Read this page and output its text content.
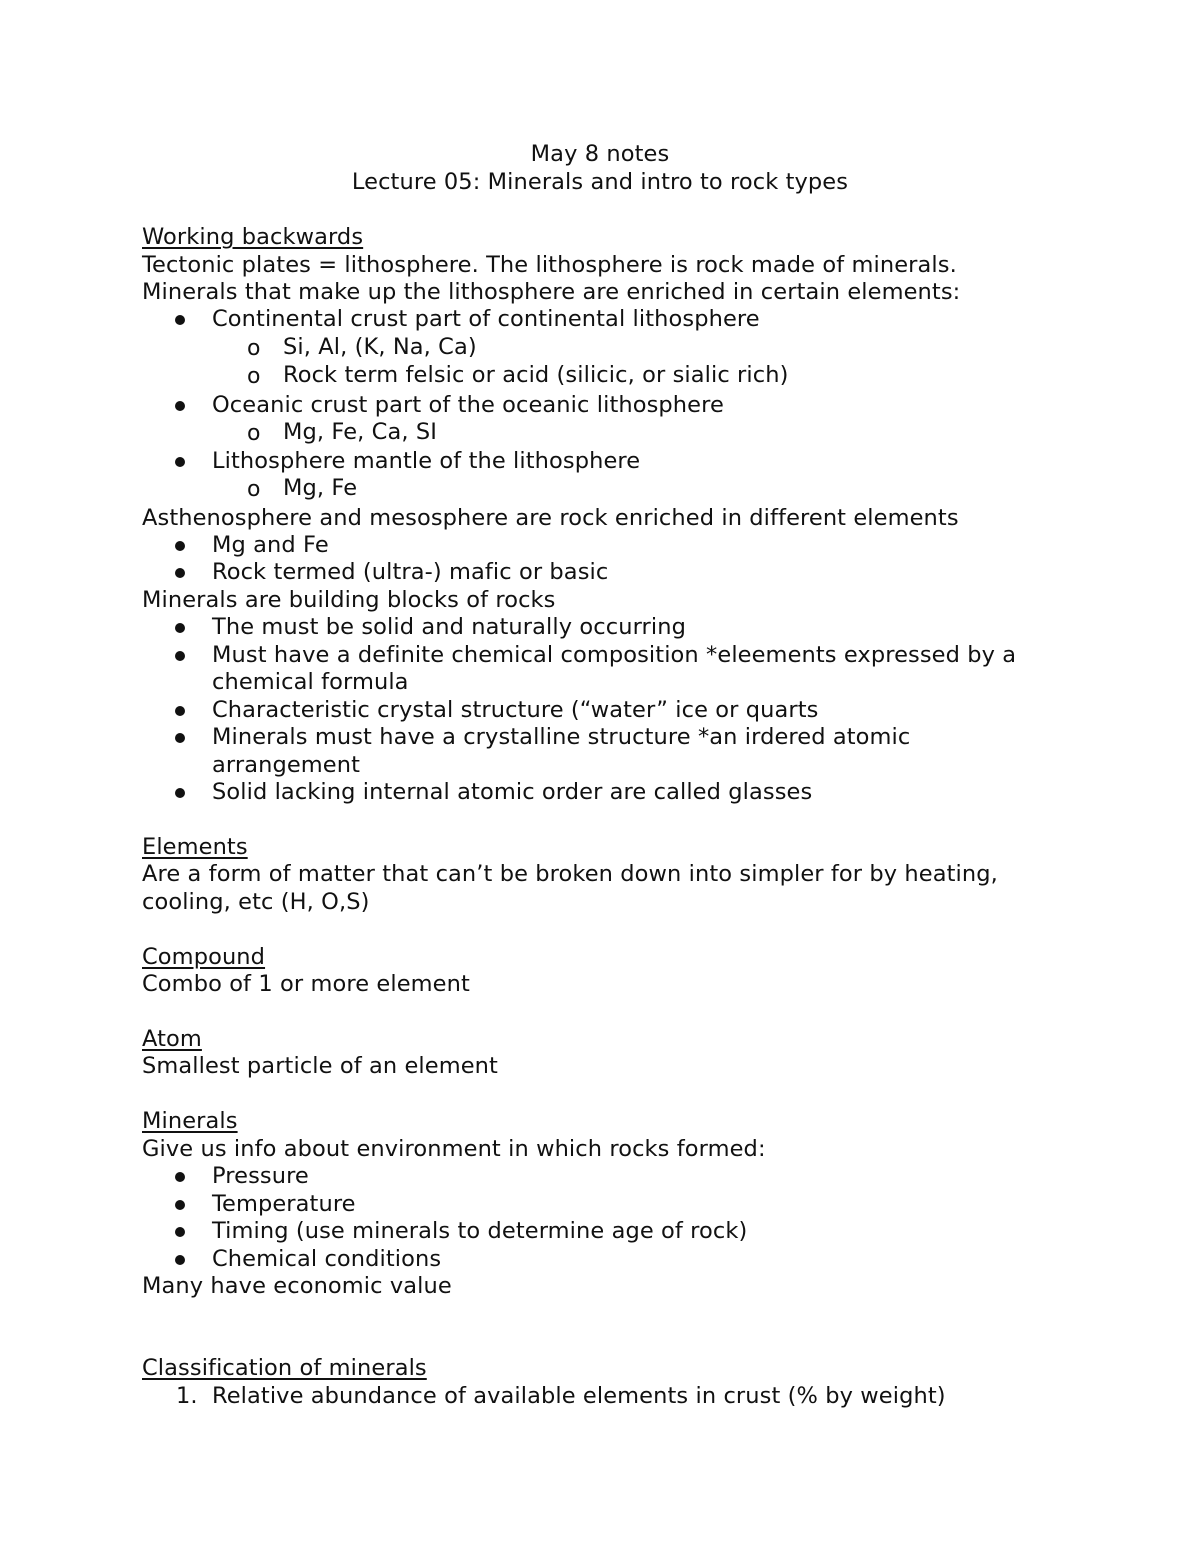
May 8 notes
Lecture 05: Minerals and intro to rock types
Working backwards
Tectonic plates = lithosphere. The lithosphere is rock made of minerals.
Minerals that make up the lithosphere are enriched in certain elements:
Continental crust part of continental lithosphere
o Si, Al, (K, Na, Ca)
o Rock term felsic or acid (silicic, or sialic rich)
Oceanic crust part of the oceanic lithosphere
o Mg, Fe, Ca, SI
Lithosphere mantle of the lithosphere
o Mg, Fe
Asthenosphere and mesosphere are rock enriched in different elements
Mg and Fe
Rock termed (ultra-) mafic or basic
Minerals are building blocks of rocks
The must be solid and naturally occurring
Must have a definite chemical composition *eleements expressed by a
chemical formula
Characteristic crystal structure (“water” ice or quarts
Minerals must have a crystalline structure *an irdered atomic
arrangement
Solid lacking internal atomic order are called glasses
Elements
Are a form of matter that can’t be broken down into simpler for by heating,
cooling, etc (H, O,S)
Compound
Combo of 1 or more element
Atom
Smallest particle of an element
Minerals
Give us info about environment in which rocks formed:
Pressure
Temperature
Timing (use minerals to determine age of rock)
Chemical conditions
Many have economic value
Classification of minerals
1. Relative abundance of available elements in crust (% by weight)
